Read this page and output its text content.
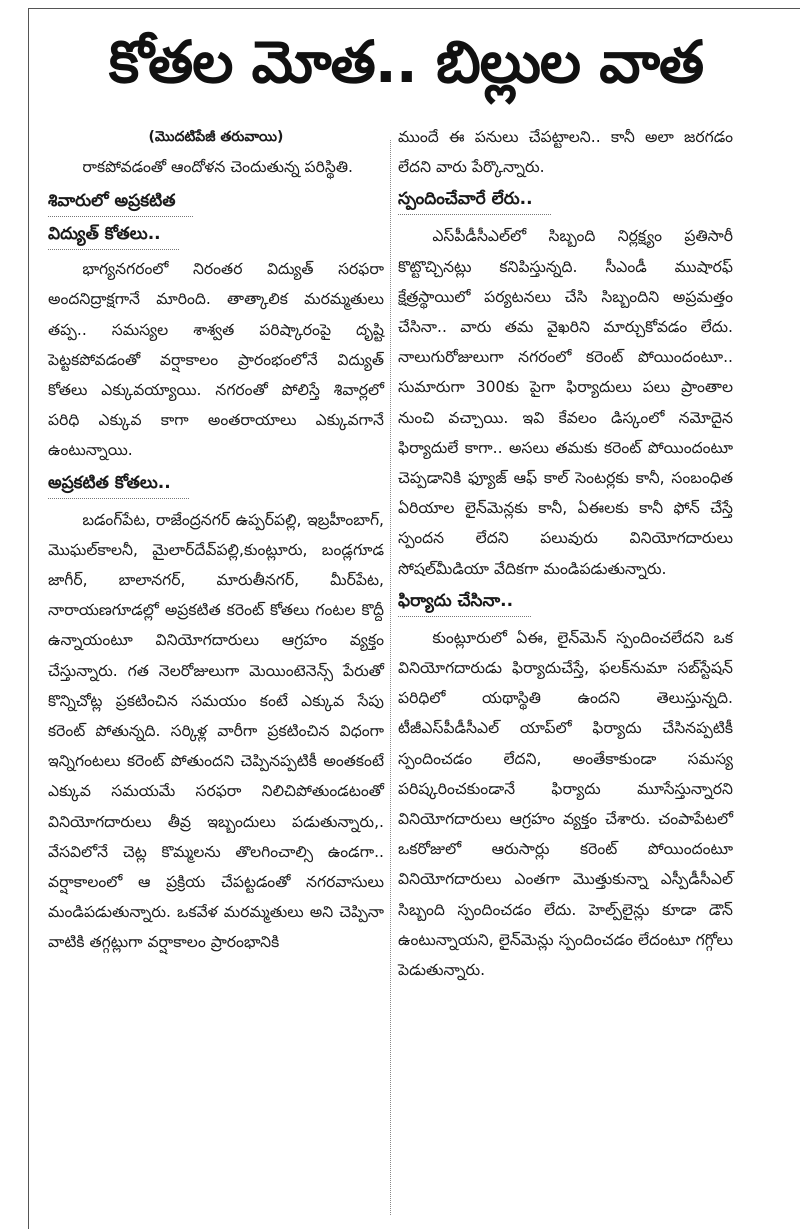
కోతల మోత.. బిల్లుల వాత
(మొదటిపేజీ తరువాయి)

రాకపోవడంతో ఆందోళన చెందుతున్న పరిస్థితి.

శివారులో అప్రకటిత
విద్యుత్ కోతలు..

భాగ్యనగరంలో నిరంతర విద్యుత్ సరఫరా అందనిద్రాక్షగానే మారింది. తాత్కాలిక మరమ్మతులు తప్ప.. సమస్యల శాశ్వత పరిష్కారంపై దృష్టి పెట్టకపోవడంతో వర్షాకాలం ప్రారంభంలోనే విద్యుత్ కోతలు ఎక్కువయ్యాయి. నగరంతో పోలిస్తే శివార్లలో పరిధి ఎక్కువ కాగా అంతరాయాలు ఎక్కువగానే ఉంటున్నాయి.

అప్రకటిత కోతలు..

బడంగ్‌పేట, రాజేంద్రనగర్ ఉప్పర్‌పల్లి, ఇబ్రహీంబాగ్, మొఘల్‌కాలనీ, మైలార్‌దేవ్‌పల్లి,కుంట్లూరు, బండ్లగూడ జాగీర్, బాలానగర్, మారుతీనగర్, మీర్‌పేట, నారాయణగూడల్లో అప్రకటిత కరెంట్ కోతలు గంటల కొద్దీ ఉన్నాయంటూ వినియోగదారులు ఆగ్రహం వ్యక్తం చేస్తున్నారు. గత నెలరోజులుగా మెయింటెనెన్స్ పేరుతో కొన్నిచోట్ల ప్రకటించిన సమయం కంటే ఎక్కువ సేపు కరెంట్ పోతున్నది. సర్కిళ్ల వారీగా ప్రకటించిన విధంగా ఇన్నిగంటలు కరెంట్ పోతుందని చెప్పినప్పటికీ అంతకంటే ఎక్కువ సమయమే సరఫరా నిలిచిపోతుండటంతో వినియోగదారులు తీవ్ర ఇబ్బందులు పడుతున్నారు,. వేసవిలోనే చెట్ల కొమ్మలను తొలగించాల్సి ఉండగా.. వర్షాకాలంలో ఆ ప్రక్రియ చేపట్టడంతో నగరవాసులు మండిపడుతున్నారు. ఒకవేళ మరమ్మతులు అని చెప్పినా వాటికి తగ్గట్లుగా వర్షాకాలం ప్రారంభానికి

ముందే ఈ పనులు చేపట్టాలని.. కానీ అలా జరగడం లేదని వారు పేర్కొన్నారు.

స్పందించేవారే లేరు..

ఎస్‌పీడీసీఎల్‌లో సిబ్బంది నిర్లక్ష్యం ప్రతిసారీ కొట్టొచ్చినట్లు కనిపిస్తున్నది. సీఎండీ ముషారఫ్ క్షేత్రస్థాయిలో పర్యటనలు చేసి సిబ్బందిని అప్రమత్తం చేసినా.. వారు తమ వైఖరిని మార్చుకోవడం లేదు. నాలుగురోజులుగా నగరంలో కరెంట్ పోయిందంటూ.. సుమారుగా 300కు పైగా ఫిర్యాదులు పలు ప్రాంతాల నుంచి వచ్చాయి. ఇవి కేవలం డిస్కంలో నమోదైన ఫిర్యాదులే కాగా.. అసలు తమకు కరెంట్ పోయిందంటూ చెప్పడానికి ఫ్యూజ్ ఆఫ్ కాల్ సెంటర్లకు కానీ, సంబంధిత ఏరియాల లైన్‌మెన్లకు కానీ, ఏఈలకు కానీ ఫోన్ చేస్తే స్పందన లేదని పలువురు వినియోగదారులు సోషల్‌మీడియా వేదికగా మండిపడుతున్నారు.

ఫిర్యాదు చేసినా..

కుంట్లూరులో ఏఈ, లైన్‌మెన్ స్పందించలేదని ఒక వినియోగదారుడు ఫిర్యాదుచేస్తే, ఫలక్‌నుమా సబ్‌స్టేషన్ పరిధిలో యథాస్థితి ఉందని తెలుస్తున్నది. టీజీఎస్‌పీడీసీఎల్ యాప్‌లో ఫిర్యాదు చేసినప్పటికీ స్పందించడం లేదని, అంతేకాకుండా సమస్య పరిష్కరించకుండానే ఫిర్యాదు మూసేస్తున్నారని వినియోగదారులు ఆగ్రహం వ్యక్తం చేశారు. చంపాపేటలో ఒకరోజులో ఆరుసార్లు కరెంట్ పోయిందంటూ వినియోగదారులు ఎంతగా మొత్తుకున్నా ఎస్పీడీసీఎల్ సిబ్బంది స్పందించడం లేదు. హెల్ప్‌లైన్లు కూడా డౌన్ ఉంటున్నాయని, లైన్‌మెన్లు స్పందించడం లేదంటూ గగ్గోలు పెడుతున్నారు.
